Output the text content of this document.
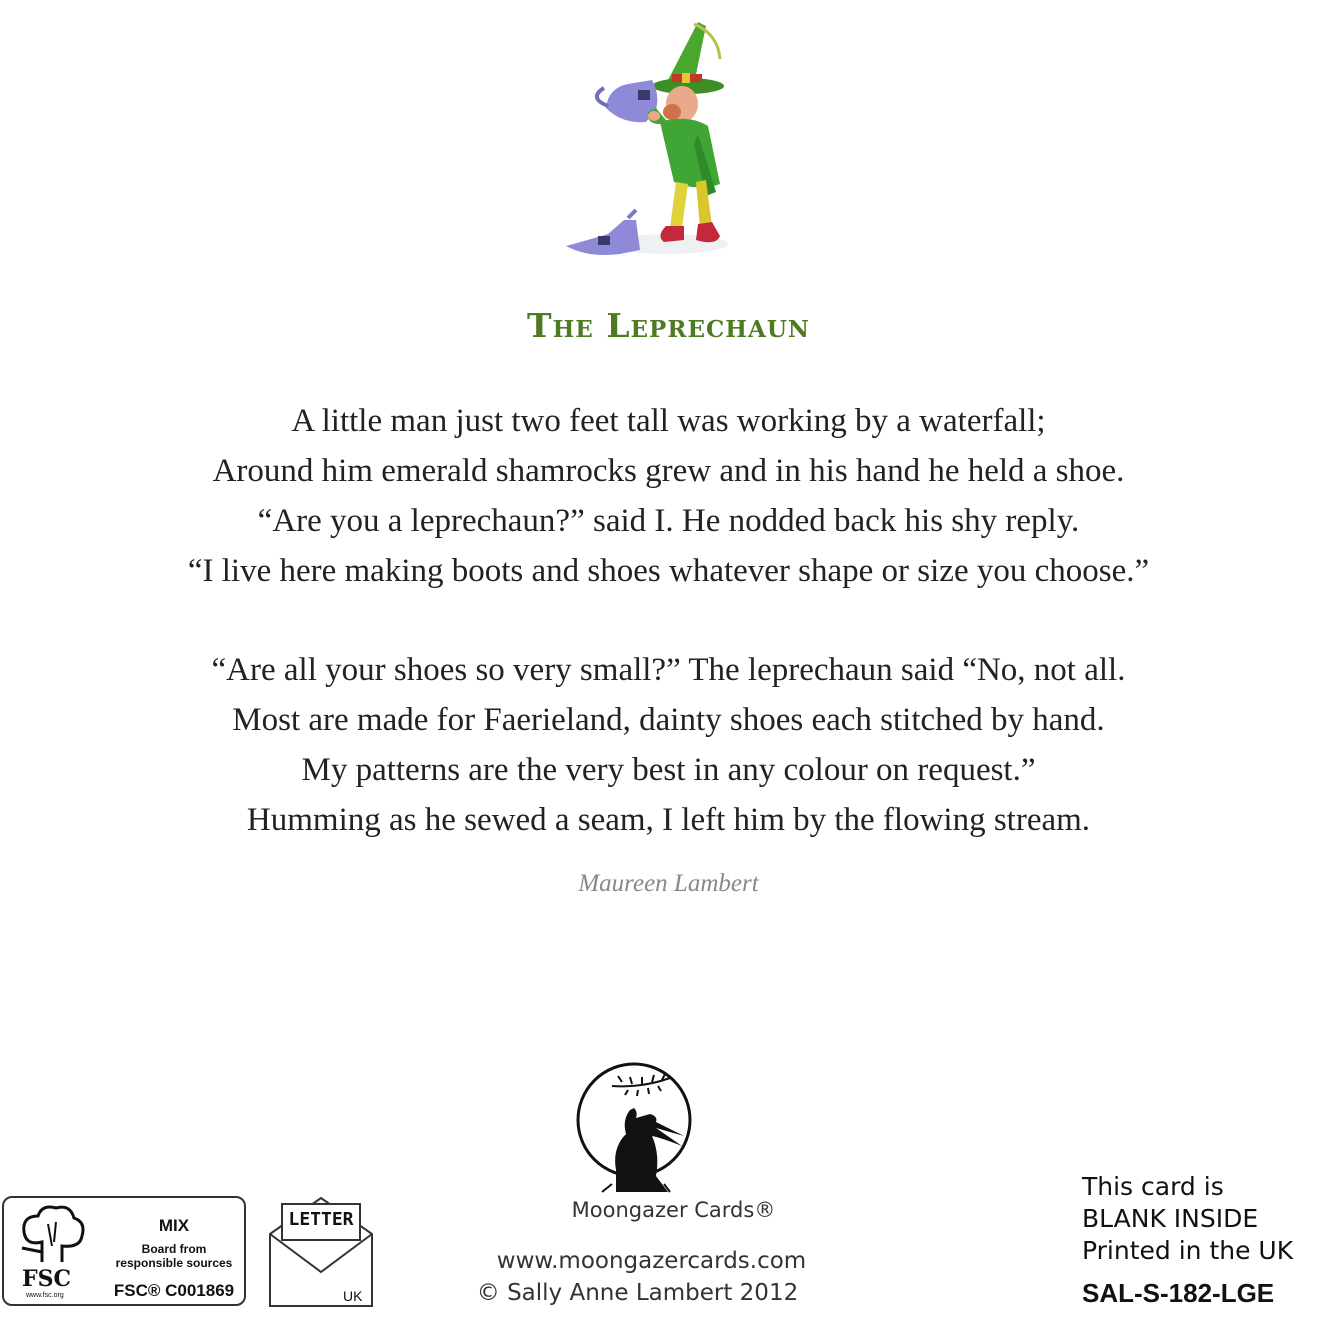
The Leprechaun
A little man just two feet tall was working by a waterfall;
Around him emerald shamrocks grew and in his hand he held a shoe.
“Are you a leprechaun?” said I. He nodded back his shy reply.
“I live here making boots and shoes whatever shape or size you choose.”
“Are all your shoes so very small?” The leprechaun said “No, not all.
Most are made for Faerieland, dainty shoes each stitched by hand.
My patterns are the very best in any colour on request.”
Humming as he sewed a seam, I left him by the flowing stream.
Maureen Lambert
Moongazer Cards®
www.moongazercards.com
© Sally Anne Lambert 2012
FSC
www.fsc.org
MIX
Board from
responsible sources
FSC® C001869
LETTER
UK
This card is
BLANK INSIDE
Printed in the UK
SAL-S-182-LGE
